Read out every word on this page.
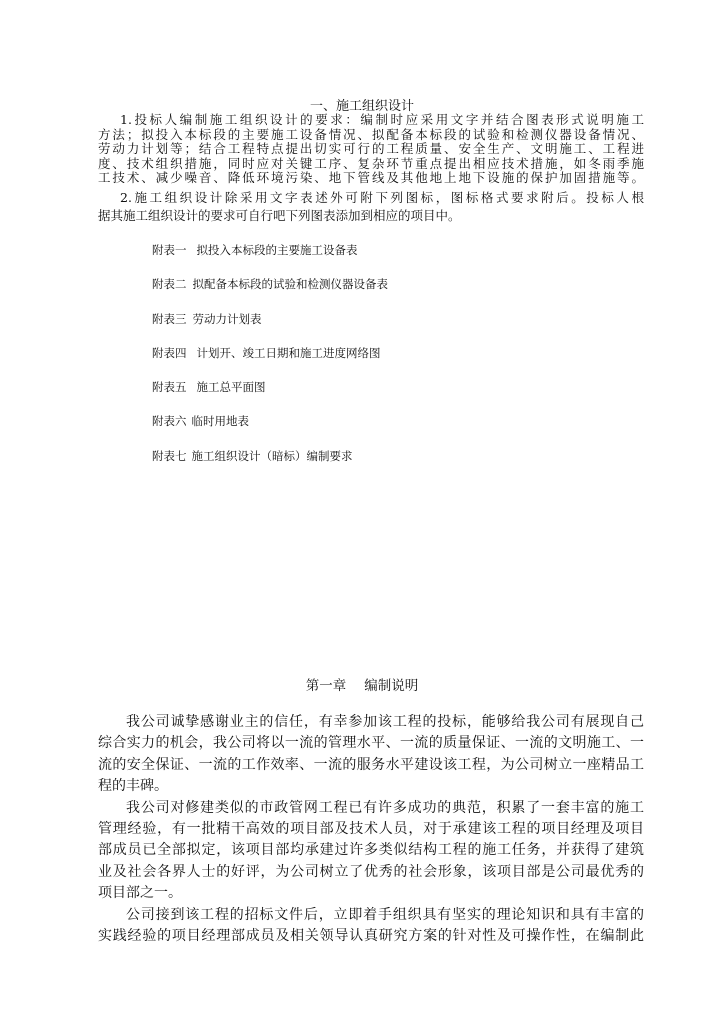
一、施工组织设计
1.投标人编制施工组织设计的要求：编制时应采用文字并结合图表形式说明施工
方法；拟投入本标段的主要施工设备情况、拟配备本标段的试验和检测仪器设备情况、
劳动力计划等；结合工程特点提出切实可行的工程质量、安全生产、文明施工、工程进
度、技术组织措施，同时应对关键工序、复杂环节重点提出相应技术措施，如冬雨季施
工技术、减少噪音、降低环境污染、地下管线及其他地上地下设施的保护加固措施等。
2.施工组织设计除采用文字表述外可附下列图标，图标格式要求附后。投标人根
据其施工组织设计的要求可自行吧下列图表添加到相应的项目中。
附表一 拟投入本标段的主要施工设备表
附表二 拟配备本标段的试验和检测仪器设备表
附表三 劳动力计划表
附表四 计划开、竣工日期和施工进度网络图
附表五 施工总平面图
附表六 临时用地表
附表七 施工组织设计（暗标）编制要求
第一章 编制说明
我公司诚挚感谢业主的信任，有幸参加该工程的投标，能够给我公司有展现自己
综合实力的机会，我公司将以一流的管理水平、一流的质量保证、一流的文明施工、一
流的安全保证、一流的工作效率、一流的服务水平建设该工程，为公司树立一座精品工
程的丰碑。
我公司对修建类似的市政管网工程已有许多成功的典范，积累了一套丰富的施工
管理经验，有一批精干高效的项目部及技术人员，对于承建该工程的项目经理及项目
部成员已全部拟定，该项目部均承建过许多类似结构工程的施工任务，并获得了建筑
业及社会各界人士的好评，为公司树立了优秀的社会形象，该项目部是公司最优秀的
项目部之一。
公司接到该工程的招标文件后，立即着手组织具有坚实的理论知识和具有丰富的
实践经验的项目经理部成员及相关领导认真研究方案的针对性及可操作性，在编制此
